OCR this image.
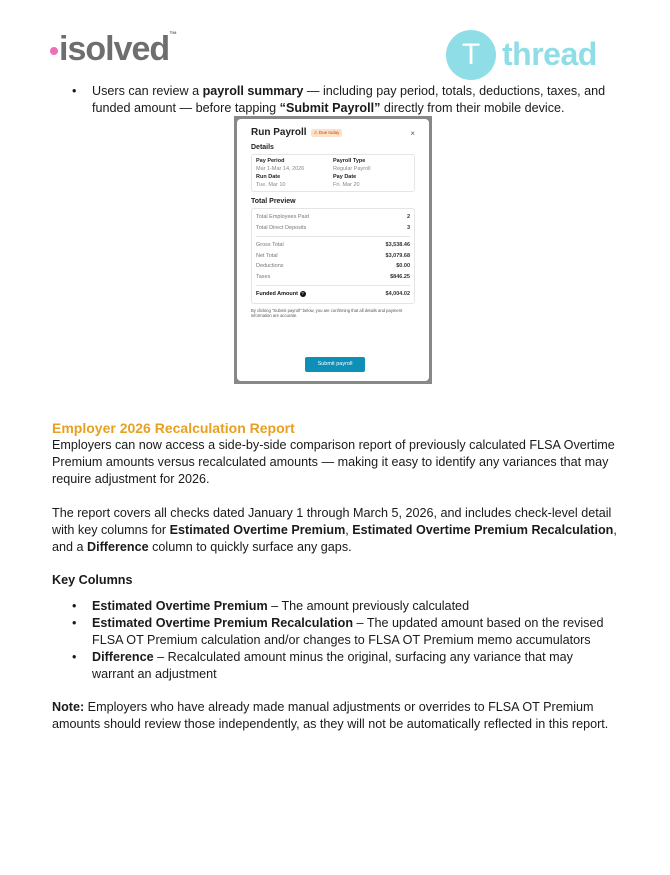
isolved™
T thread
• Users can review a payroll summary — including pay period, totals, deductions, taxes, and funded amount — before tapping “Submit Payroll” directly from their mobile device.
Run Payroll ⚠ Due today	×
Details
Pay Period	Payroll Type
Mar 1-Mar 14, 2026	Regular Payroll
Run Date	Pay Date
Tue. Mar 10	Fri. Mar 20
Total Preview
Total Employees Paid	2
Total Direct Deposits	3
Gross Total	$3,538.46
Net Total	$3,079.68
Deductions	$0.00
Taxes	$846.25
Funded Amount ?	$4,004.02
By clicking "Submit payroll" below, you are confirming that all details and payment information are accurate.
Submit payroll
Employer 2026 Recalculation Report
Employers can now access a side-by-side comparison report of previously calculated FLSA Overtime Premium amounts versus recalculated amounts — making it easy to identify any variances that may require adjustment for 2026.
The report covers all checks dated January 1 through March 5, 2026, and includes check-level detail with key columns for Estimated Overtime Premium, Estimated Overtime Premium Recalculation, and a Difference column to quickly surface any gaps.
Key Columns
• Estimated Overtime Premium – The amount previously calculated
• Estimated Overtime Premium Recalculation – The updated amount based on the revised FLSA OT Premium calculation and/or changes to FLSA OT Premium memo accumulators
• Difference – Recalculated amount minus the original, surfacing any variance that may warrant an adjustment
Note: Employers who have already made manual adjustments or overrides to FLSA OT Premium amounts should review those independently, as they will not be automatically reflected in this report.
